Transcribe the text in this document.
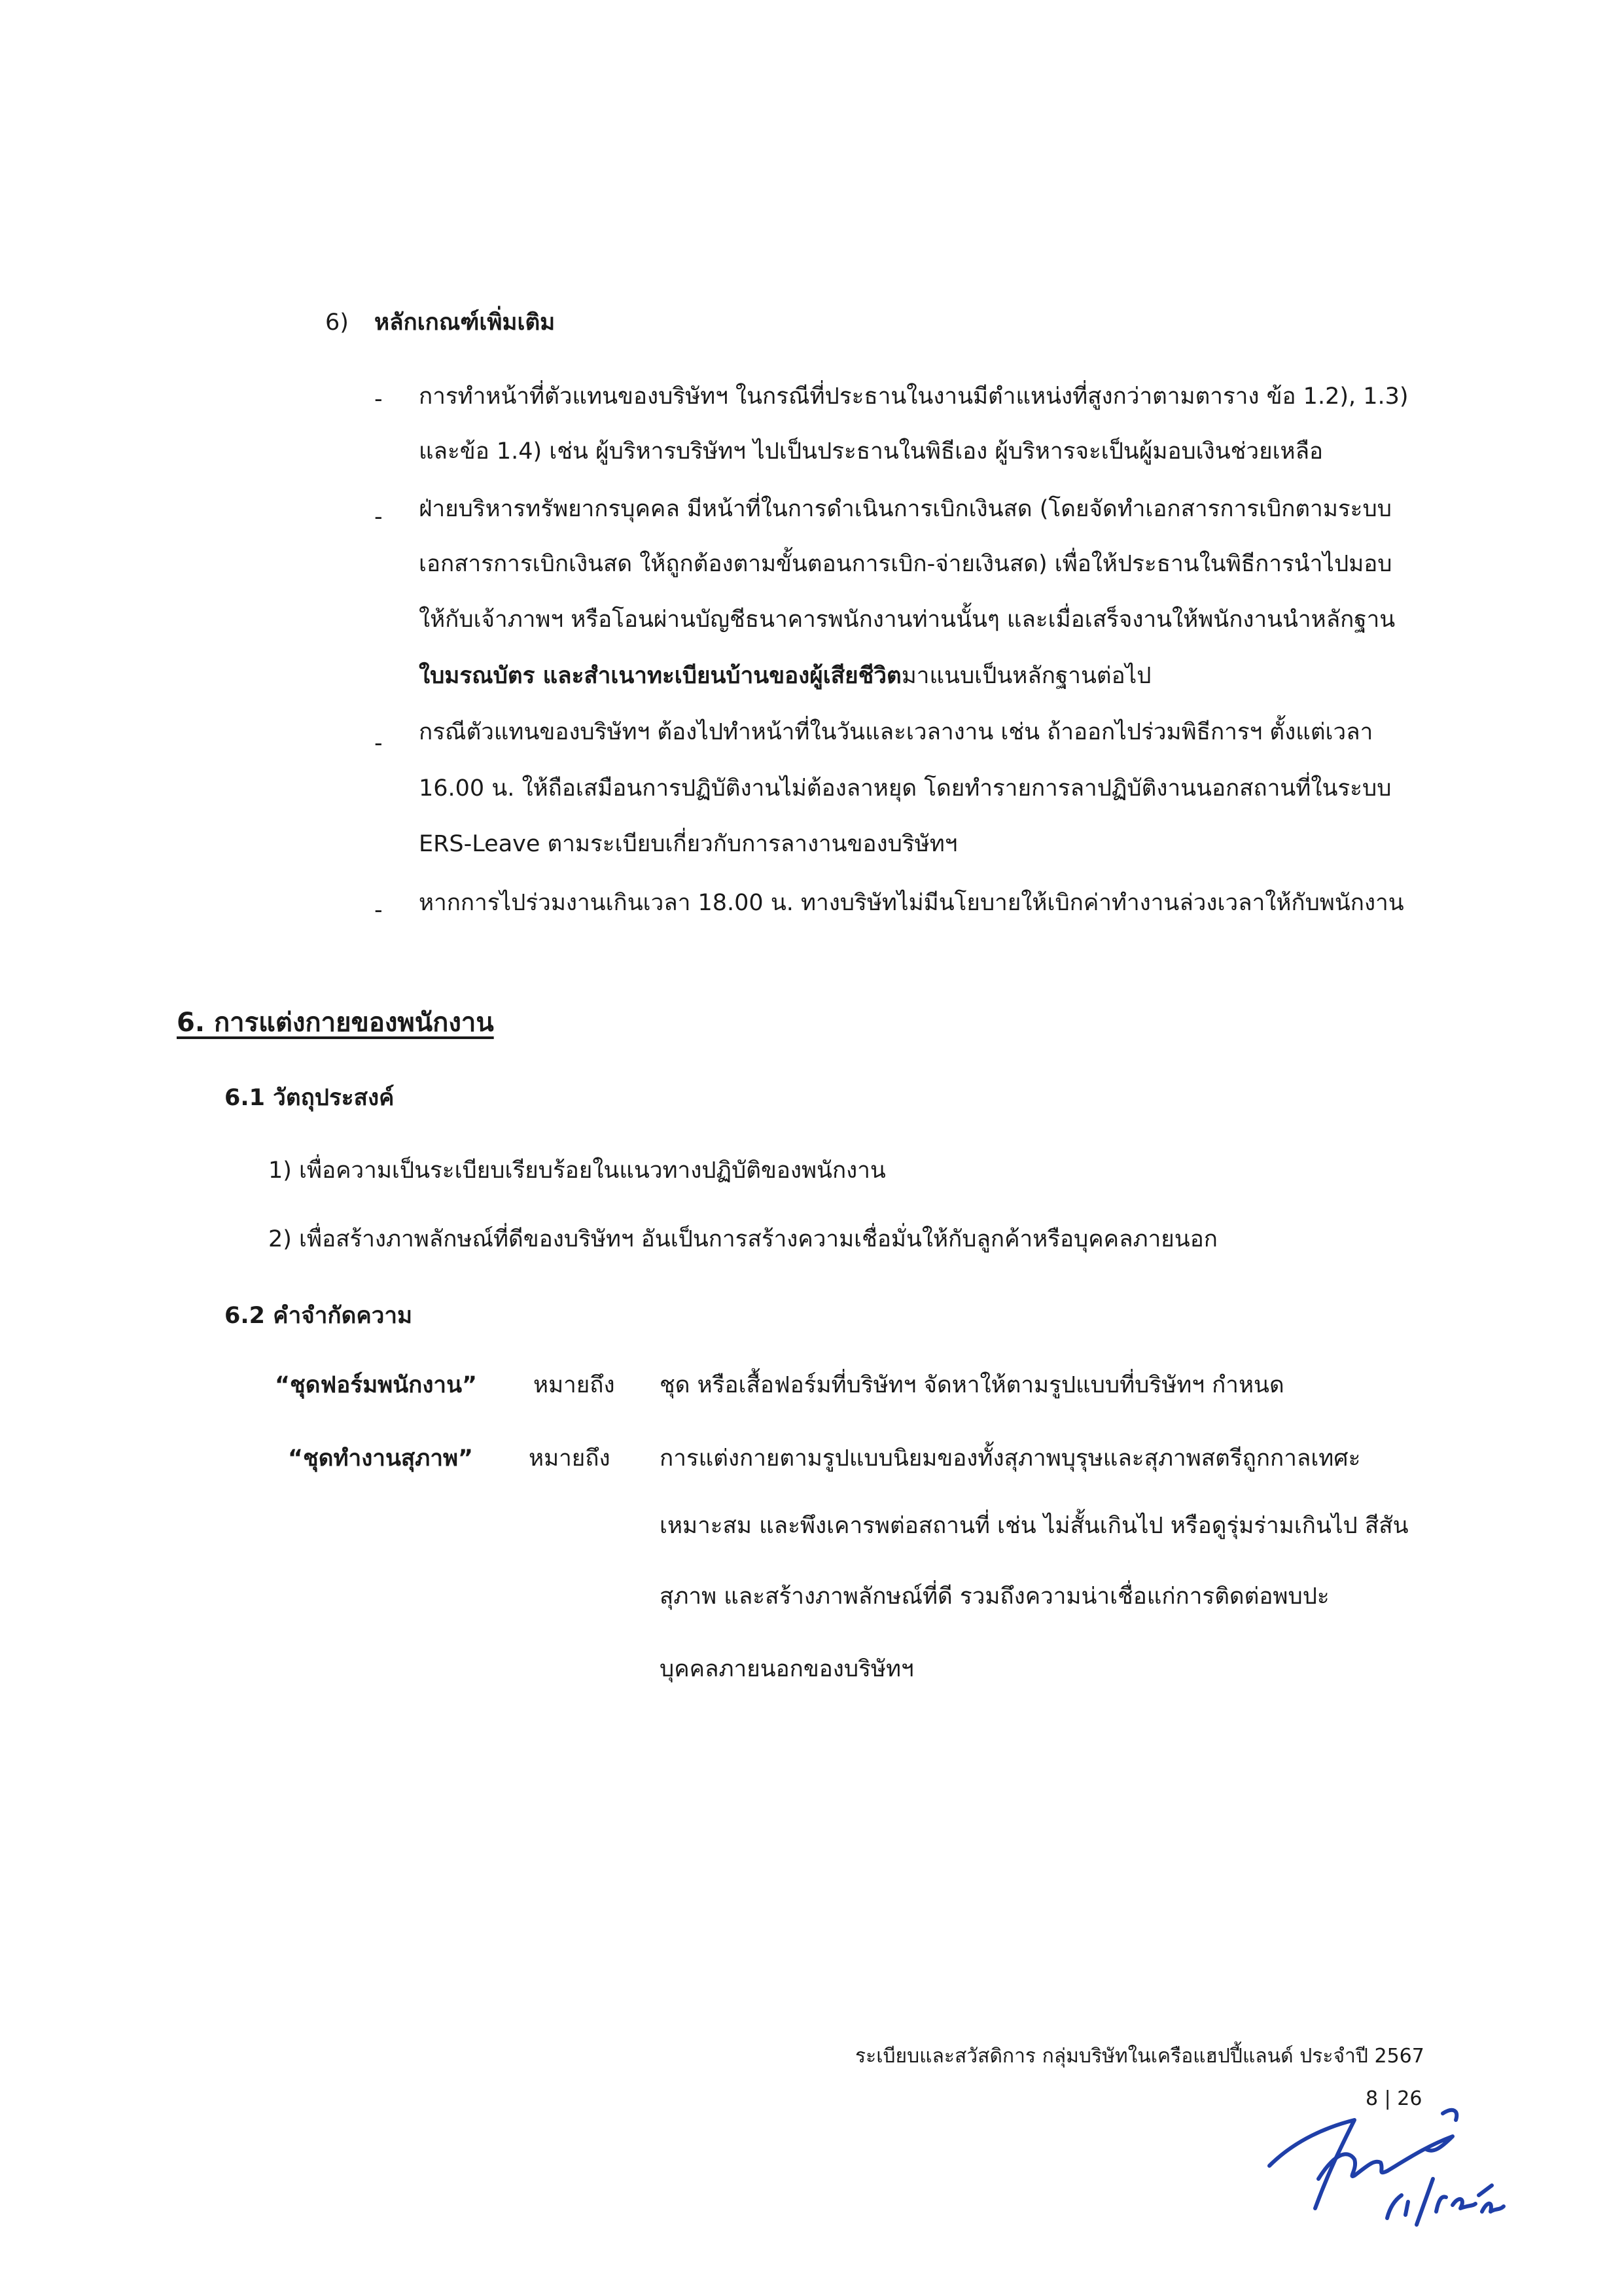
6) หลักเกณฑ์เพิ่มเติม
- การทำหน้าที่ตัวแทนของบริษัทฯ ในกรณีที่ประธานในงานมีตำแหน่งที่สูงกว่าตามตาราง ข้อ 1.2), 1.3)
และข้อ 1.4) เช่น ผู้บริหารบริษัทฯ ไปเป็นประธานในพิธีเอง ผู้บริหารจะเป็นผู้มอบเงินช่วยเหลือ
- ฝ่ายบริหารทรัพยากรบุคคล มีหน้าที่ในการดำเนินการเบิกเงินสด (โดยจัดทำเอกสารการเบิกตามระบบ
เอกสารการเบิกเงินสด ให้ถูกต้องตามขั้นตอนการเบิก-จ่ายเงินสด) เพื่อให้ประธานในพิธีการนำไปมอบ
ให้กับเจ้าภาพฯ หรือโอนผ่านบัญชีธนาคารพนักงานท่านนั้นๆ และเมื่อเสร็จงานให้พนักงานนำหลักฐาน
ใบมรณบัตร และสำเนาทะเบียนบ้านของผู้เสียชีวิตมาแนบเป็นหลักฐานต่อไป
- กรณีตัวแทนของบริษัทฯ ต้องไปทำหน้าที่ในวันและเวลางาน เช่น ถ้าออกไปร่วมพิธีการฯ ตั้งแต่เวลา
16.00 น. ให้ถือเสมือนการปฏิบัติงานไม่ต้องลาหยุด โดยทำรายการลาปฏิบัติงานนอกสถานที่ในระบบ
ERS-Leave ตามระเบียบเกี่ยวกับการลางานของบริษัทฯ
- หากการไปร่วมงานเกินเวลา 18.00 น. ทางบริษัทไม่มีนโยบายให้เบิกค่าทำงานล่วงเวลาให้กับพนักงาน
6. การแต่งกายของพนักงาน
6.1 วัตถุประสงค์
1) เพื่อความเป็นระเบียบเรียบร้อยในแนวทางปฏิบัติของพนักงาน
2) เพื่อสร้างภาพลักษณ์ที่ดีของบริษัทฯ อันเป็นการสร้างความเชื่อมั่นให้กับลูกค้าหรือบุคคลภายนอก
6.2 คำจำกัดความ
“ชุดฟอร์มพนักงาน” หมายถึง ชุด หรือเสื้อฟอร์มที่บริษัทฯ จัดหาให้ตามรูปแบบที่บริษัทฯ กำหนด
“ชุดทำงานสุภาพ” หมายถึง การแต่งกายตามรูปแบบนิยมของทั้งสุภาพบุรุษและสุภาพสตรีถูกกาลเทศะ
เหมาะสม และพึงเคารพต่อสถานที่ เช่น ไม่สั้นเกินไป หรือดูรุ่มร่ามเกินไป สีสัน
สุภาพ และสร้างภาพลักษณ์ที่ดี รวมถึงความน่าเชื่อแก่การติดต่อพบปะ
บุคคลภายนอกของบริษัทฯ
ระเบียบและสวัสดิการ กลุ่มบริษัทในเครือแฮปปี้แลนด์ ประจำปี 2567
8 | 26
